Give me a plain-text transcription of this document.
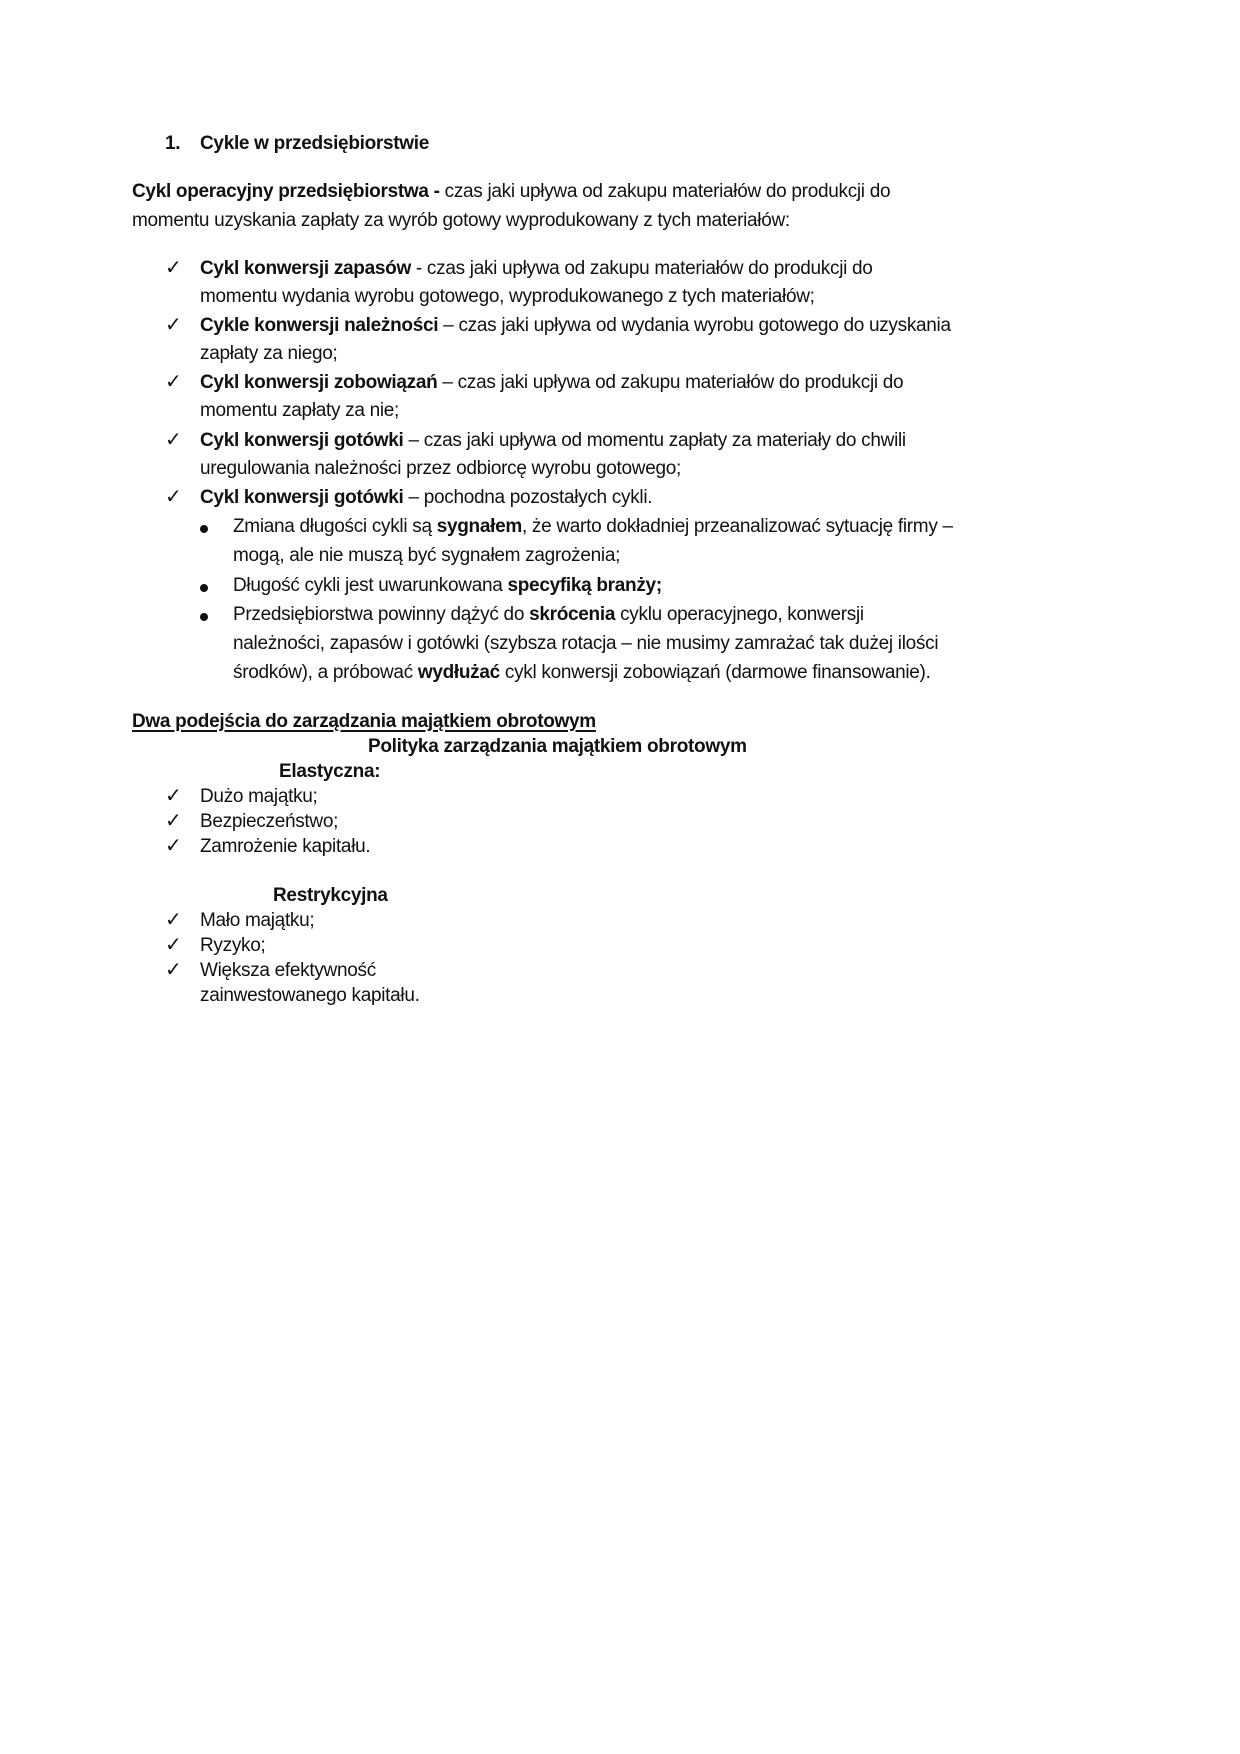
1. Cykle w przedsiębiorstwie
Cykl operacyjny przedsiębiorstwa - czas jaki upływa od zakupu materiałów do produkcji do
momentu uzyskania zapłaty za wyrób gotowy wyprodukowany z tych materiałów:
✓ Cykl konwersji zapasów - czas jaki upływa od zakupu materiałów do produkcji do
momentu wydania wyrobu gotowego, wyprodukowanego z tych materiałów;
✓ Cykle konwersji należności – czas jaki upływa od wydania wyrobu gotowego do uzyskania
zapłaty za niego;
✓ Cykl konwersji zobowiązań – czas jaki upływa od zakupu materiałów do produkcji do
momentu zapłaty za nie;
✓ Cykl konwersji gotówki – czas jaki upływa od momentu zapłaty za materiały do chwili
uregulowania należności przez odbiorcę wyrobu gotowego;
✓ Cykl konwersji gotówki – pochodna pozostałych cykli.
Zmiana długości cykli są sygnałem, że warto dokładniej przeanalizować sytuację firmy –
mogą, ale nie muszą być sygnałem zagrożenia;
Długość cykli jest uwarunkowana specyfiką branży;
Przedsiębiorstwa powinny dążyć do skrócenia cyklu operacyjnego, konwersji
należności, zapasów i gotówki (szybsza rotacja – nie musimy zamrażać tak dużej ilości
środków), a próbować wydłużać cykl konwersji zobowiązań (darmowe finansowanie).
Dwa podejścia do zarządzania majątkiem obrotowym
Polityka zarządzania majątkiem obrotowym
Elastyczna:
✓ Dużo majątku;
✓ Bezpieczeństwo;
✓ Zamrożenie kapitału.
Restrykcyjna
✓ Mało majątku;
✓ Ryzyko;
✓ Większa efektywność
zainwestowanego kapitału.
